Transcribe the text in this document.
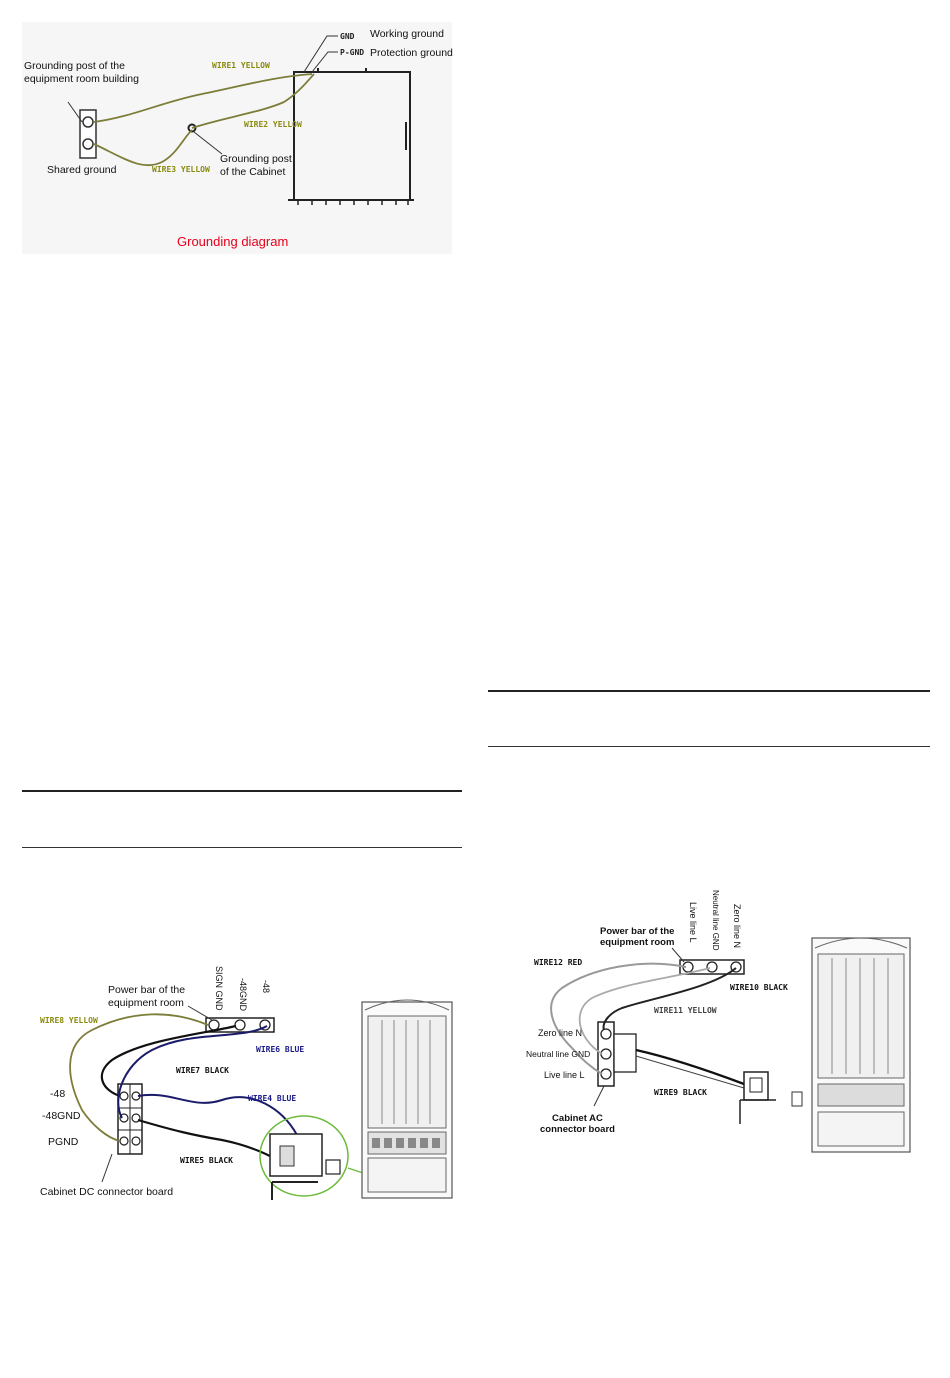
Working ground
Protection ground
GND
P-GND
Grounding post of the
equipment room building
Shared ground
Grounding post
of the Cabinet
WIRE1 YELLOW
WIRE2 YELLOW
WIRE3 YELLOW
Grounding diagram
Power bar of the
equipment room	SIGN GND -48GND -48
WIRE8 YELLOW
WIRE6 BLUE
WIRE7 BLACK
WIRE4 BLUE
WIRE5 BLACK
-48
-48GND
PGND
Cabinet DC connector board
Power bar of the
equipment room
Live line L Neutral line GND Zero line N
WIRE12 RED
WIRE10 BLACK
WIRE11 YELLOW
Zero line N
Neutral line GND
Live line L
WIRE9 BLACK
Cabinet AC
connector board
